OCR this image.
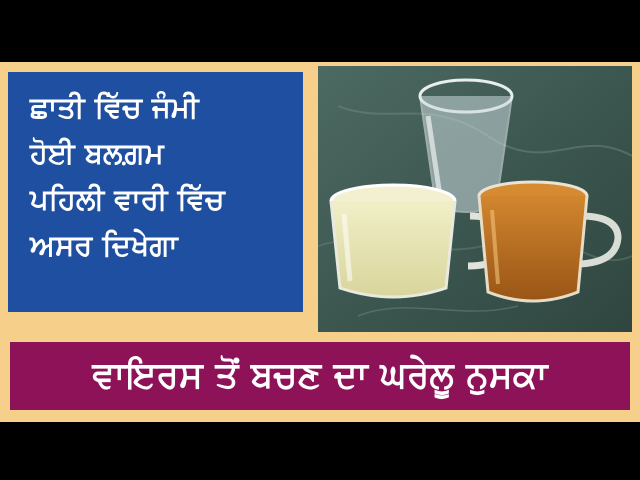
ਛਾਤੀ ਵਿੱਚ ਜੰਮੀ
ਹੋਈ ਬਲਗ਼ਮ
ਪਹਿਲੀ ਵਾਰੀ ਵਿੱਚ
ਅਸਰ ਦਿਖੇਗਾ
ਵਾਇਰਸ ਤੋਂ ਬਚਣ ਦਾ ਘਰੇਲੂ ਨੁਸਕਾ
